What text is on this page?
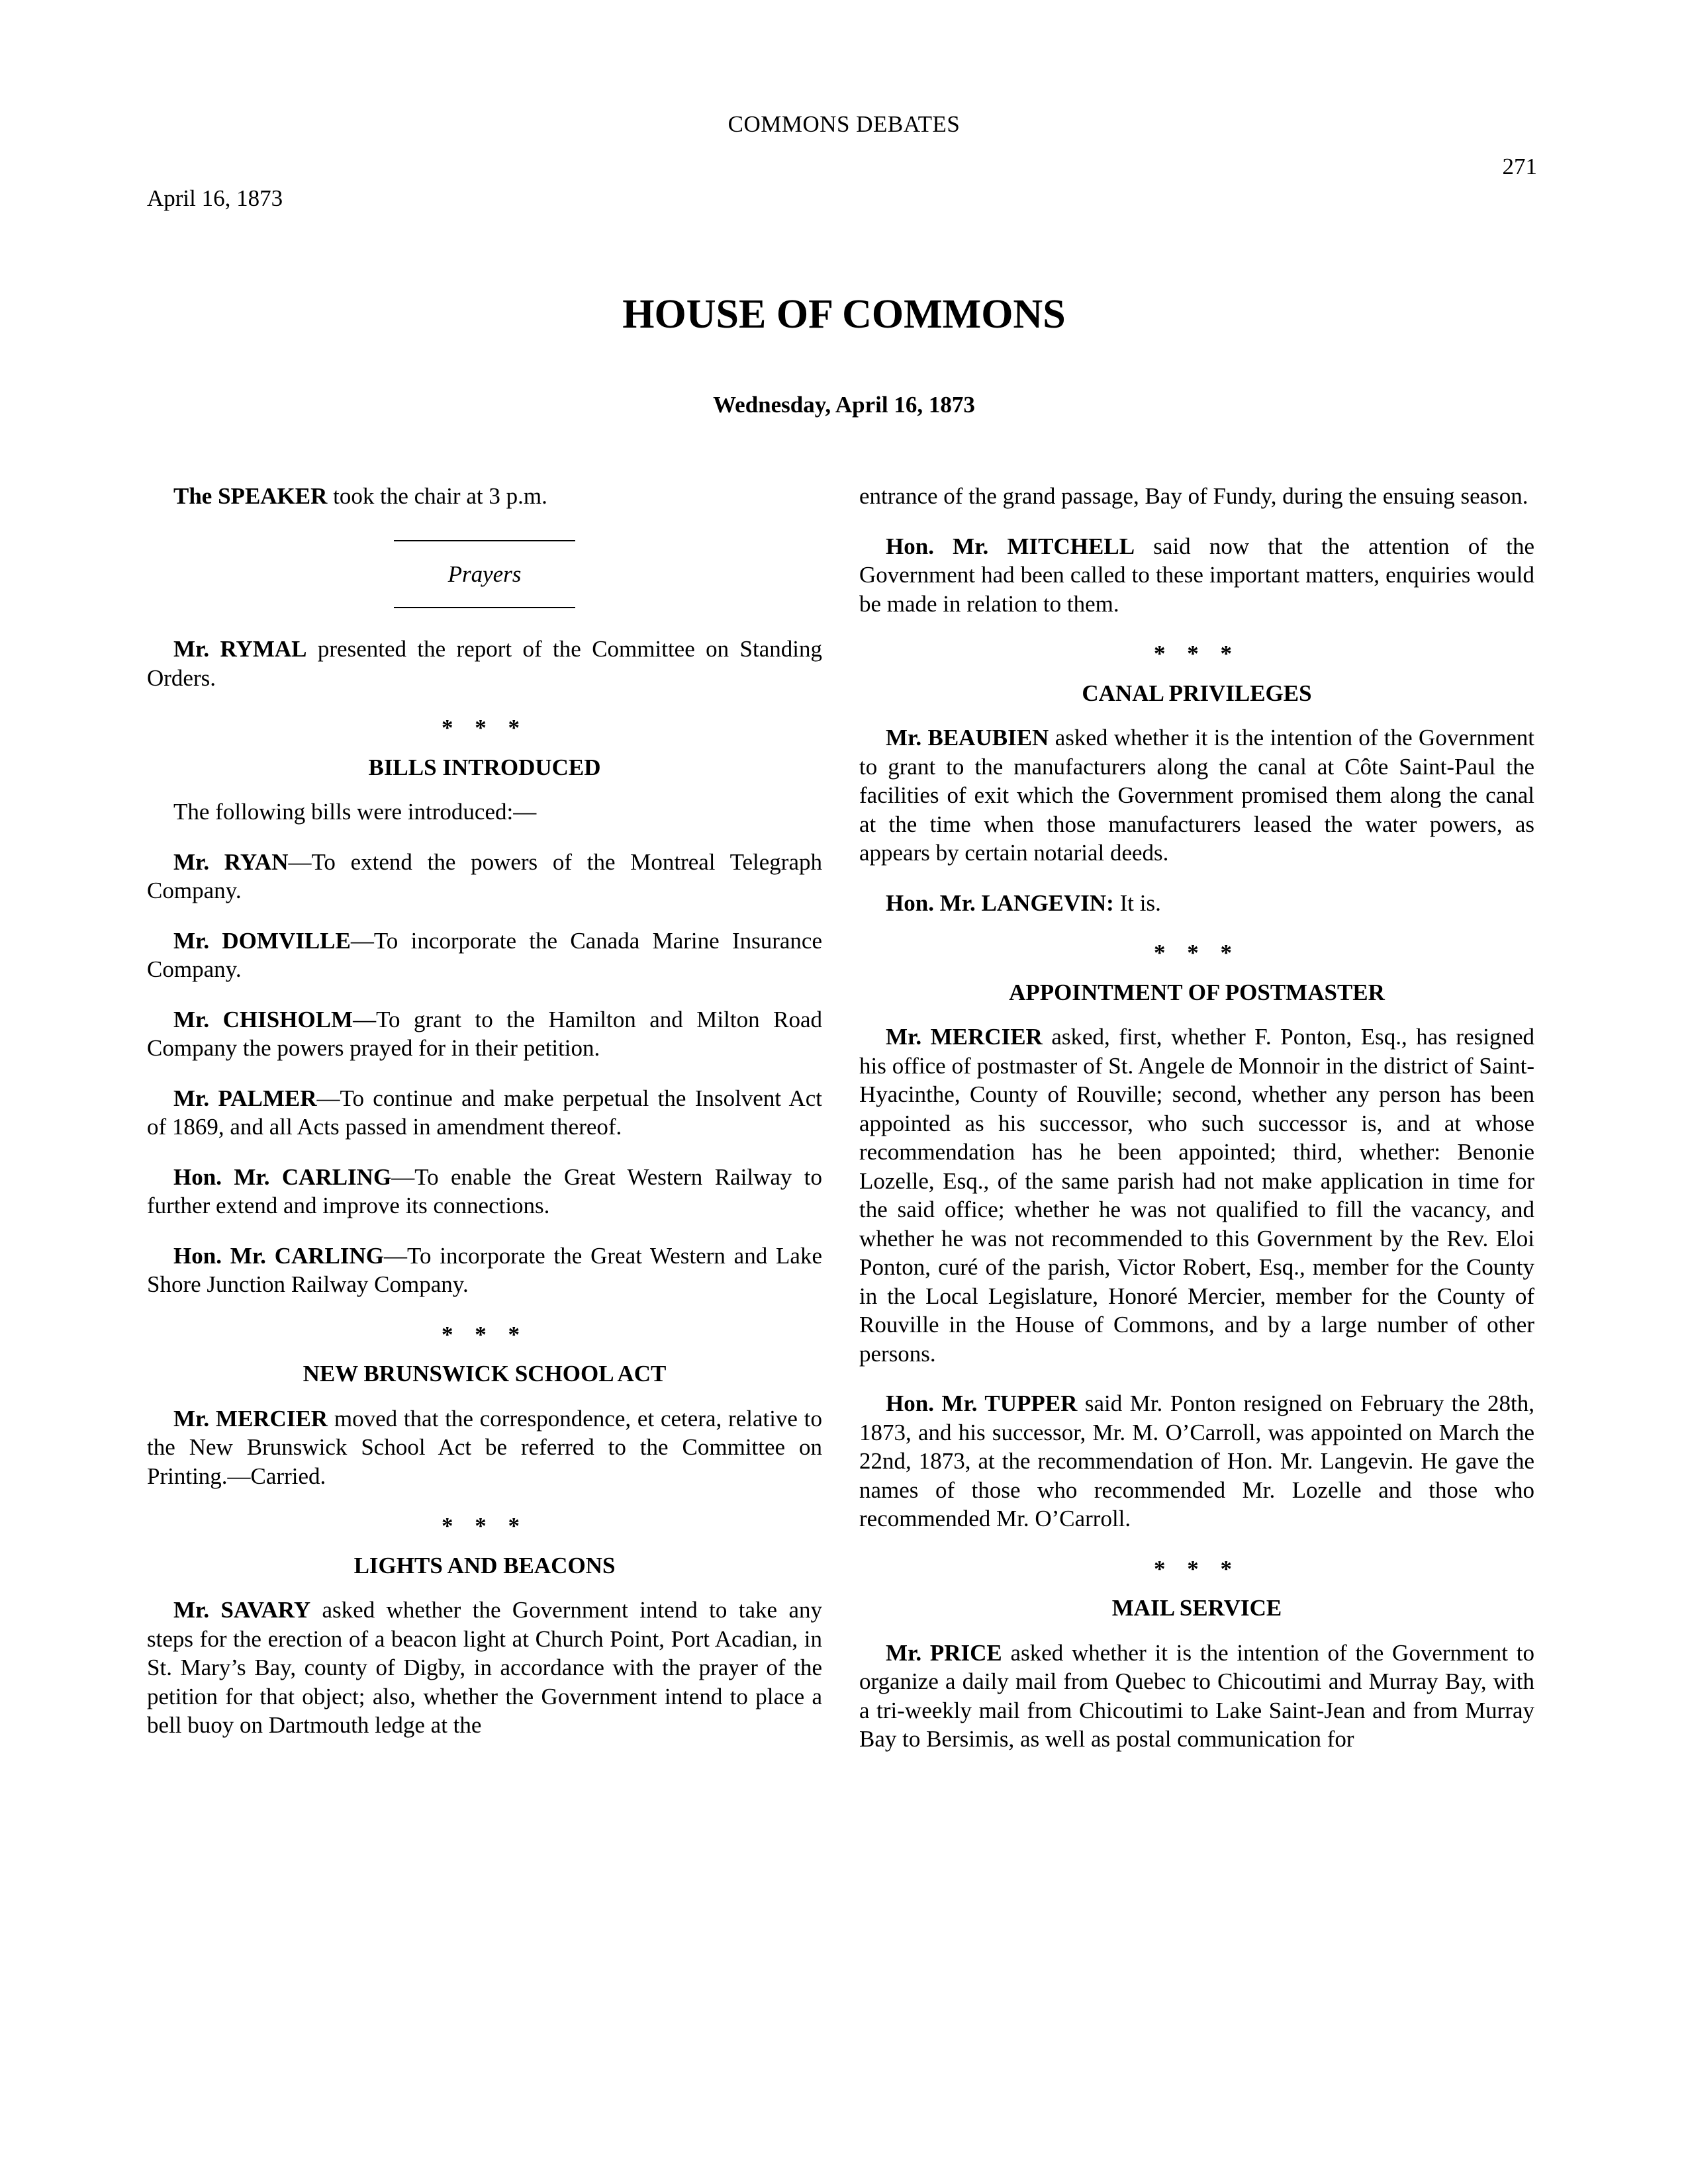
COMMONS DEBATES
271
April 16, 1873
HOUSE OF COMMONS
Wednesday, April 16, 1873

The SPEAKER took the chair at 3 p.m.

Prayers

Mr. RYMAL presented the report of the Committee on Standing Orders.

* * *
BILLS INTRODUCED

The following bills were introduced:—

Mr. RYAN—To extend the powers of the Montreal Telegraph Company.

Mr. DOMVILLE—To incorporate the Canada Marine Insurance Company.

Mr. CHISHOLM—To grant to the Hamilton and Milton Road Company the powers prayed for in their petition.

Mr. PALMER—To continue and make perpetual the Insolvent Act of 1869, and all Acts passed in amendment thereof.

Hon. Mr. CARLING—To enable the Great Western Railway to further extend and improve its connections.

Hon. Mr. CARLING—To incorporate the Great Western and Lake Shore Junction Railway Company.

* * *
NEW BRUNSWICK SCHOOL ACT

Mr. MERCIER moved that the correspondence, et cetera, relative to the New Brunswick School Act be referred to the Committee on Printing.—Carried.

* * *
LIGHTS AND BEACONS

Mr. SAVARY asked whether the Government intend to take any steps for the erection of a beacon light at Church Point, Port Acadian, in St. Mary’s Bay, county of Digby, in accordance with the prayer of the petition for that object; also, whether the Government intend to place a bell buoy on Dartmouth ledge at the

entrance of the grand passage, Bay of Fundy, during the ensuing season.

Hon. Mr. MITCHELL said now that the attention of the Government had been called to these important matters, enquiries would be made in relation to them.

* * *
CANAL PRIVILEGES

Mr. BEAUBIEN asked whether it is the intention of the Government to grant to the manufacturers along the canal at Côte Saint-Paul the facilities of exit which the Government promised them along the canal at the time when those manufacturers leased the water powers, as appears by certain notarial deeds.

Hon. Mr. LANGEVIN: It is.

* * *
APPOINTMENT OF POSTMASTER

Mr. MERCIER asked, first, whether F. Ponton, Esq., has resigned his office of postmaster of St. Angele de Monnoir in the district of Saint-Hyacinthe, County of Rouville; second, whether any person has been appointed as his successor, who such successor is, and at whose recommendation has he been appointed; third, whether: Benonie Lozelle, Esq., of the same parish had not make application in time for the said office; whether he was not qualified to fill the vacancy, and whether he was not recommended to this Government by the Rev. Eloi Ponton, curé of the parish, Victor Robert, Esq., member for the County in the Local Legislature, Honoré Mercier, member for the County of Rouville in the House of Commons, and by a large number of other persons.

Hon. Mr. TUPPER said Mr. Ponton resigned on February the 28th, 1873, and his successor, Mr. M. O’Carroll, was appointed on March the 22nd, 1873, at the recommendation of Hon. Mr. Langevin. He gave the names of those who recommended Mr. Lozelle and those who recommended Mr. O’Carroll.

* * *
MAIL SERVICE

Mr. PRICE asked whether it is the intention of the Government to organize a daily mail from Quebec to Chicoutimi and Murray Bay, with a tri-weekly mail from Chicoutimi to Lake Saint-Jean and from Murray Bay to Bersimis, as well as postal communication for
